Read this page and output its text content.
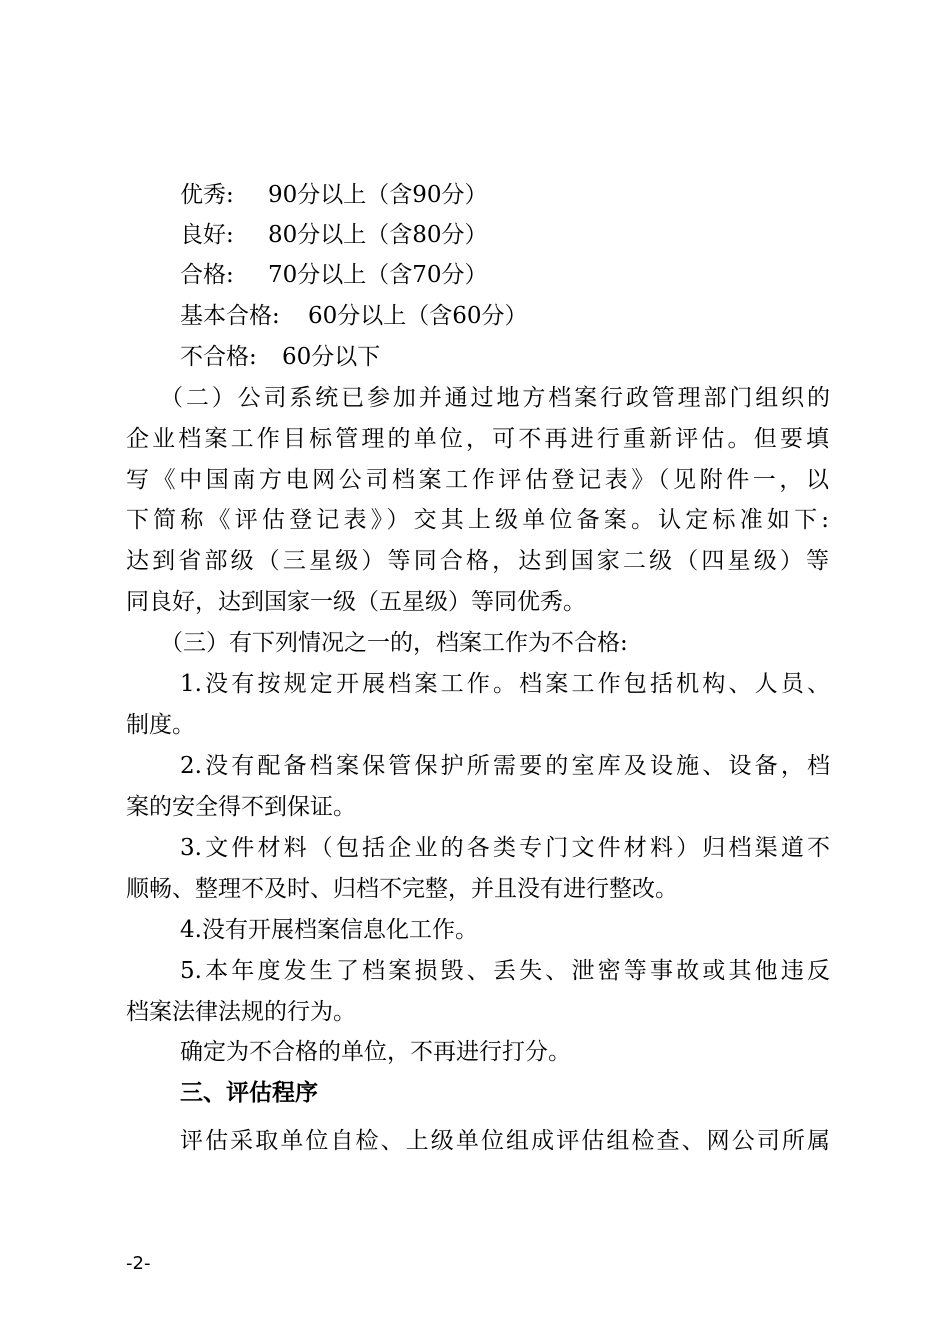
优秀: 90分以上（含90分）
良好: 80分以上（含80分）
合格: 70分以上（含70分）
基本合格: 60分以上（含60分）
不合格: 60分以下
（二）公司系统已参加并通过地方档案行政管理部门组织的
企业档案工作目标管理的单位，可不再进行重新评估。但要填
写《中国南方电网公司档案工作评估登记表》（见附件一，以
下简称《评估登记表》）交其上级单位备案。认定标准如下:
达到省部级（三星级）等同合格，达到国家二级（四星级）等
同良好，达到国家一级（五星级）等同优秀。
（三）有下列情况之一的，档案工作为不合格:
1.没有按规定开展档案工作。档案工作包括机构、人员、
制度。
2.没有配备档案保管保护所需要的室库及设施、设备，档
案的安全得不到保证。
3.文件材料（包括企业的各类专门文件材料）归档渠道不
顺畅、整理不及时、归档不完整，并且没有进行整改。
4.没有开展档案信息化工作。
5.本年度发生了档案损毁、丢失、泄密等事故或其他违反
档案法律法规的行为。
确定为不合格的单位，不再进行打分。
三、评估程序
评估采取单位自检、上级单位组成评估组检查、网公司所属
-2-
